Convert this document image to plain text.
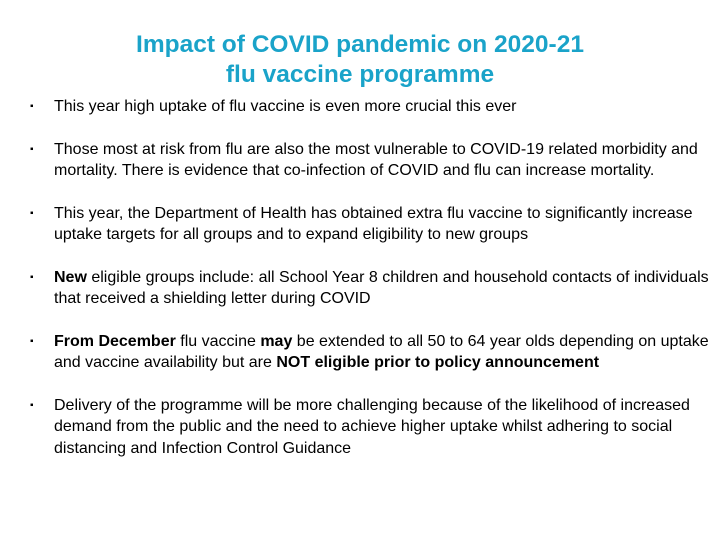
Impact of COVID pandemic on 2020-21
flu vaccine programme
▪ This year high uptake of flu vaccine is even more crucial this ever
▪ Those most at risk from flu are also the most vulnerable to COVID-19 related morbidity and mortality. There is evidence that co-infection of COVID and flu can increase mortality.
▪ This year, the Department of Health has obtained extra flu vaccine to significantly increase uptake targets for all groups and to expand eligibility to new groups
▪ New eligible groups include: all School Year 8 children and household contacts of individuals that received a shielding letter during COVID
▪ From December flu vaccine may be extended to all 50 to 64 year olds depending on uptake and vaccine availability but are NOT eligible prior to policy announcement
▪ Delivery of the programme will be more challenging because of the likelihood of increased demand from the public and the need to achieve higher uptake whilst adhering to social distancing and Infection Control Guidance
